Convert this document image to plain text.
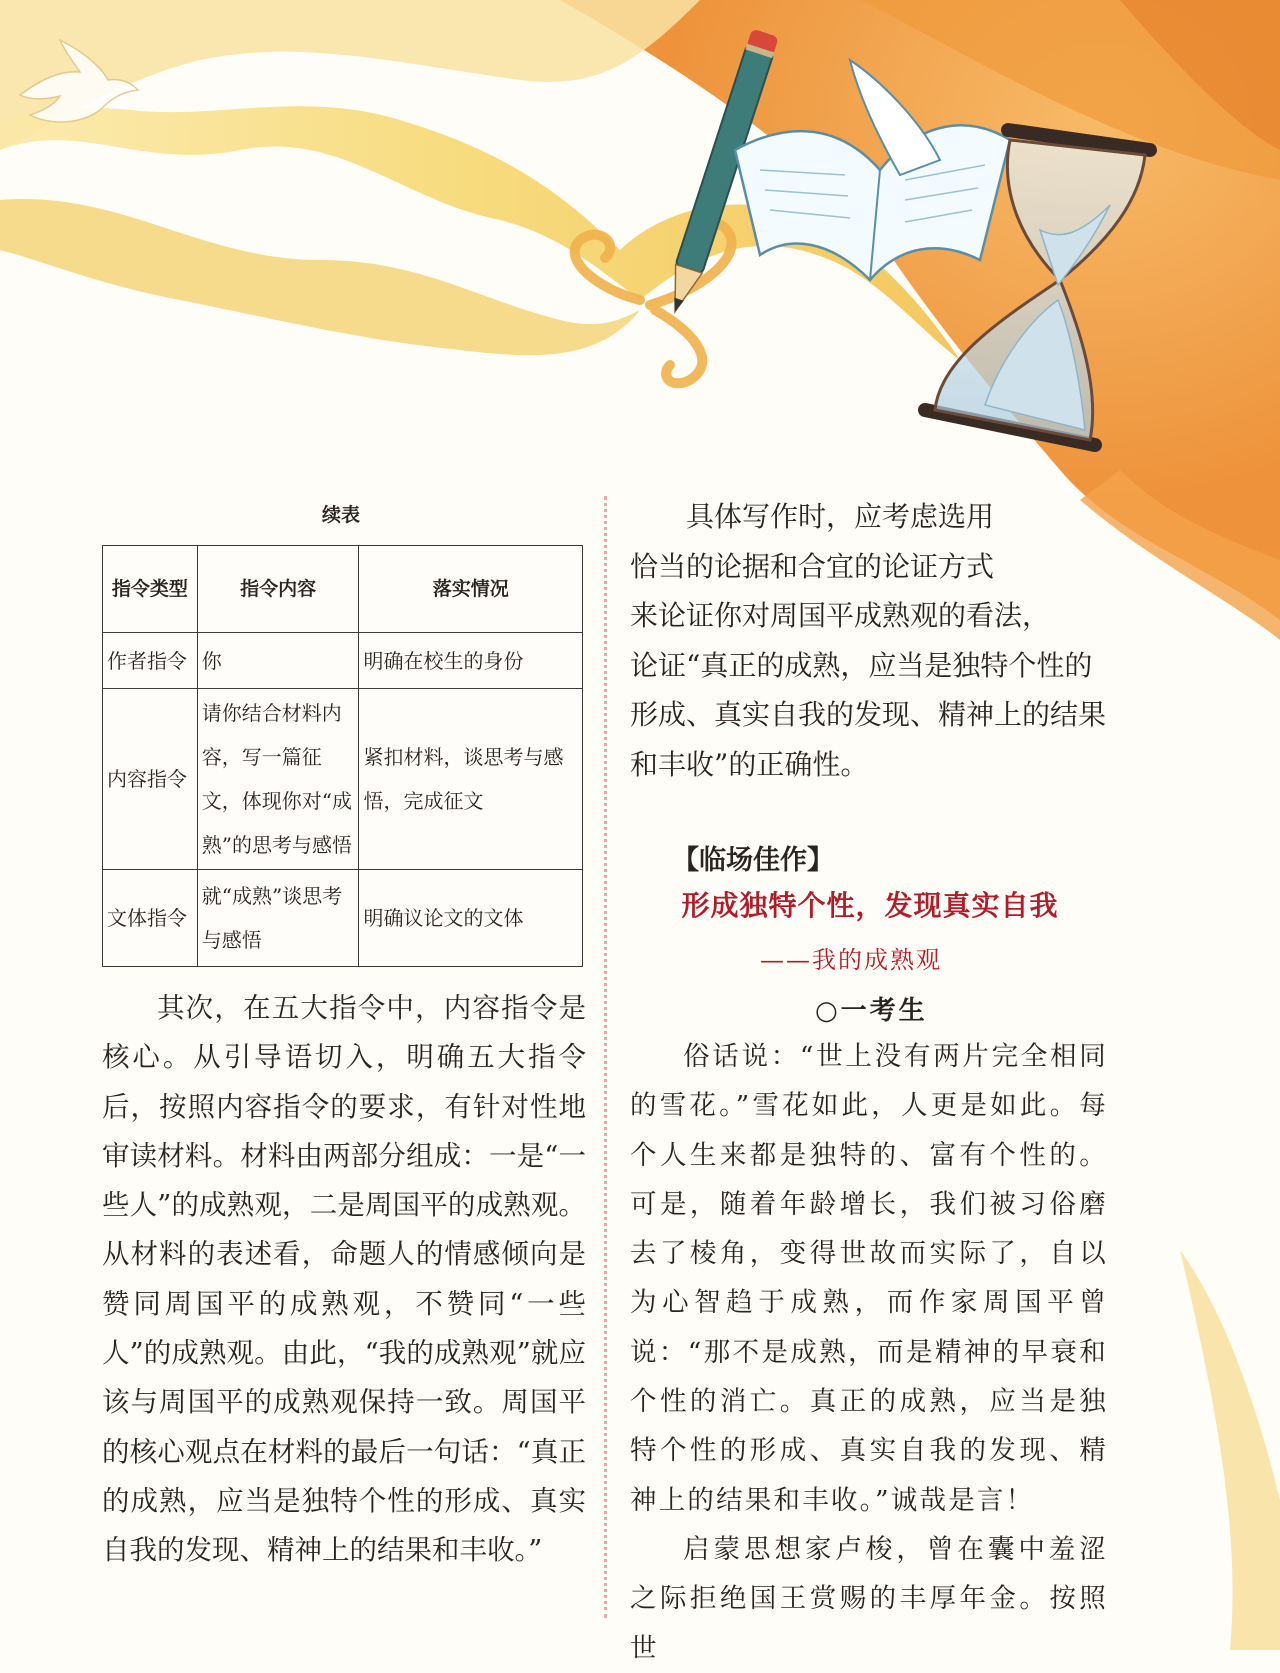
续表
指令类型	指令内容	落实情况
作者指令	你	明确在校生的身份
内容指令	请你结合材料内容，写一篇征文，体现你对“成熟”的思考与感悟	紧扣材料，谈思考与感悟，完成征文
文体指令	就“成熟”谈思考与感悟	明确议论文的文体

其次，在五大指令中，内容指令是核心。从引导语切入，明确五大指令后，按照内容指令的要求，有针对性地审读材料。材料由两部分组成：一是“一些人”的成熟观，二是周国平的成熟观。从材料的表述看，命题人的情感倾向是赞同周国平的成熟观，不赞同“一些人”的成熟观。由此，“我的成熟观”就应该与周国平的成熟观保持一致。周国平的核心观点在材料的最后一句话：“真正的成熟，应当是独特个性的形成、真实自我的发现、精神上的结果和丰收。”

具体写作时，应考虑选用

恰当的论据和合宜的论证方式
来论证你对周国平成熟观的看法，
论证“真正的成熟，应当是独特个性的形成、真实自我的发现、精神上的结果和丰收”的正确性。
【临场佳作】
形成独特个性，发现真实自我
——我的成熟观
○一考生

俗话说：“世上没有两片完全相同的雪花。”雪花如此，人更是如此。每个人生来都是独特的、富有个性的。可是，随着年龄增长，我们被习俗磨去了棱角，变得世故而实际了，自以为心智趋于成熟，而作家周国平曾说：“那不是成熟，而是精神的早衰和个性的消亡。真正的成熟，应当是独特个性的形成、真实自我的发现、精神上的结果和丰收。”诚哉是言！

启蒙思想家卢梭，曾在囊中羞涩之际拒绝国王赏赐的丰厚年金。按照世
